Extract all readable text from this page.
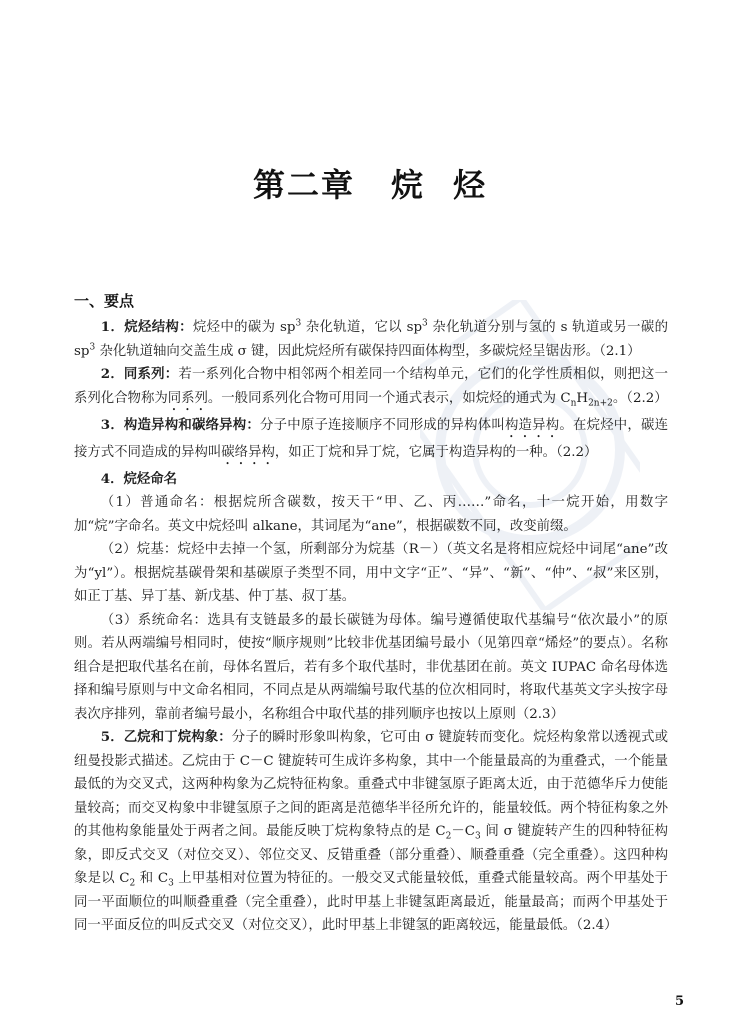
第二章 烷 烃
一、要点

1．烷烃结构：烷烃中的碳为 $sp^3$ 杂化轨道，它以 $sp^3$ 杂化轨道分别与氢的 s 轨道或另一碳的 $sp^3$ 杂化轨道轴向交盖生成 σ 键，因此烷烃所有碳保持四面体构型，多碳烷烃呈锯齿形。（2.1）

2．同系列：若一系列化合物中相邻两个相差同一个结构单元，它们的化学性质相似，则把这一系列化合物称为同系列。一般同系列化合物可用同一个通式表示，如烷烃的通式为 $C_nH_{2n+2}$。（2.2）

3．构造异构和碳络异构：分子中原子连接顺序不同形成的异构体叫构造异构。在烷烃中，碳连接方式不同造成的异构叫碳络异构，如正丁烷和异丁烷，它属于构造异构的一种。（2.2）

4．烷烃命名

（1）普通命名：根据烷所含碳数，按天干“甲、乙、丙……”命名，十一烷开始，用数字加“烷”字命名。英文中烷烃叫 alkane，其词尾为“ane”，根据碳数不同，改变前缀。

（2）烷基：烷烃中去掉一个氢，所剩部分为烷基（R－）（英文名是将相应烷烃中词尾“ane”改为“yl”）。根据烷基碳骨架和基碳原子类型不同，用中文字“正”、“异”、“新”、“仲”、“叔”来区别，如正丁基、异丁基、新戊基、仲丁基、叔丁基。

（3）系统命名：选具有支链最多的最长碳链为母体。编号遵循使取代基编号“依次最小”的原则。若从两端编号相同时，使按“顺序规则”比较非优基团编号最小（见第四章“烯烃”的要点）。名称组合是把取代基名在前，母体名置后，若有多个取代基时，非优基团在前。英文 IUPAC 命名母体选择和编号原则与中文命名相同，不同点是从两端编号取代基的位次相同时，将取代基英文字头按字母表次序排列，靠前者编号最小，名称组合中取代基的排列顺序也按以上原则（2.3）

5．乙烷和丁烷构象：分子的瞬时形象叫构象，它可由 σ 键旋转而变化。烷烃构象常以透视式或纽曼投影式描述。乙烷由于 C－C 键旋转可生成许多构象，其中一个能量最高的为重叠式，一个能量最低的为交叉式，这两种构象为乙烷特征构象。重叠式中非键氢原子距离太近，由于范德华斥力使能量较高；而交叉构象中非键氢原子之间的距离是范德华半径所允许的，能量较低。两个特征构象之外的其他构象能量处于两者之间。最能反映丁烷构象特点的是 $C_2-C_3$ 间 σ 键旋转产生的四种特征构象，即反式交叉（对位交叉）、邻位交叉、反错重叠（部分重叠）、顺叠重叠（完全重叠）。这四种构象是以 $C_2$ 和 $C_3$ 上甲基相对位置为特征的。一般交叉式能量较低，重叠式能量较高。两个甲基处于同一平面顺位的叫顺叠重叠（完全重叠），此时甲基上非键氢距离最近，能量最高；而两个甲基处于同一平面反位的叫反式交叉（对位交叉），此时甲基上非键氢的距离较远，能量最低。（2.4）

5
